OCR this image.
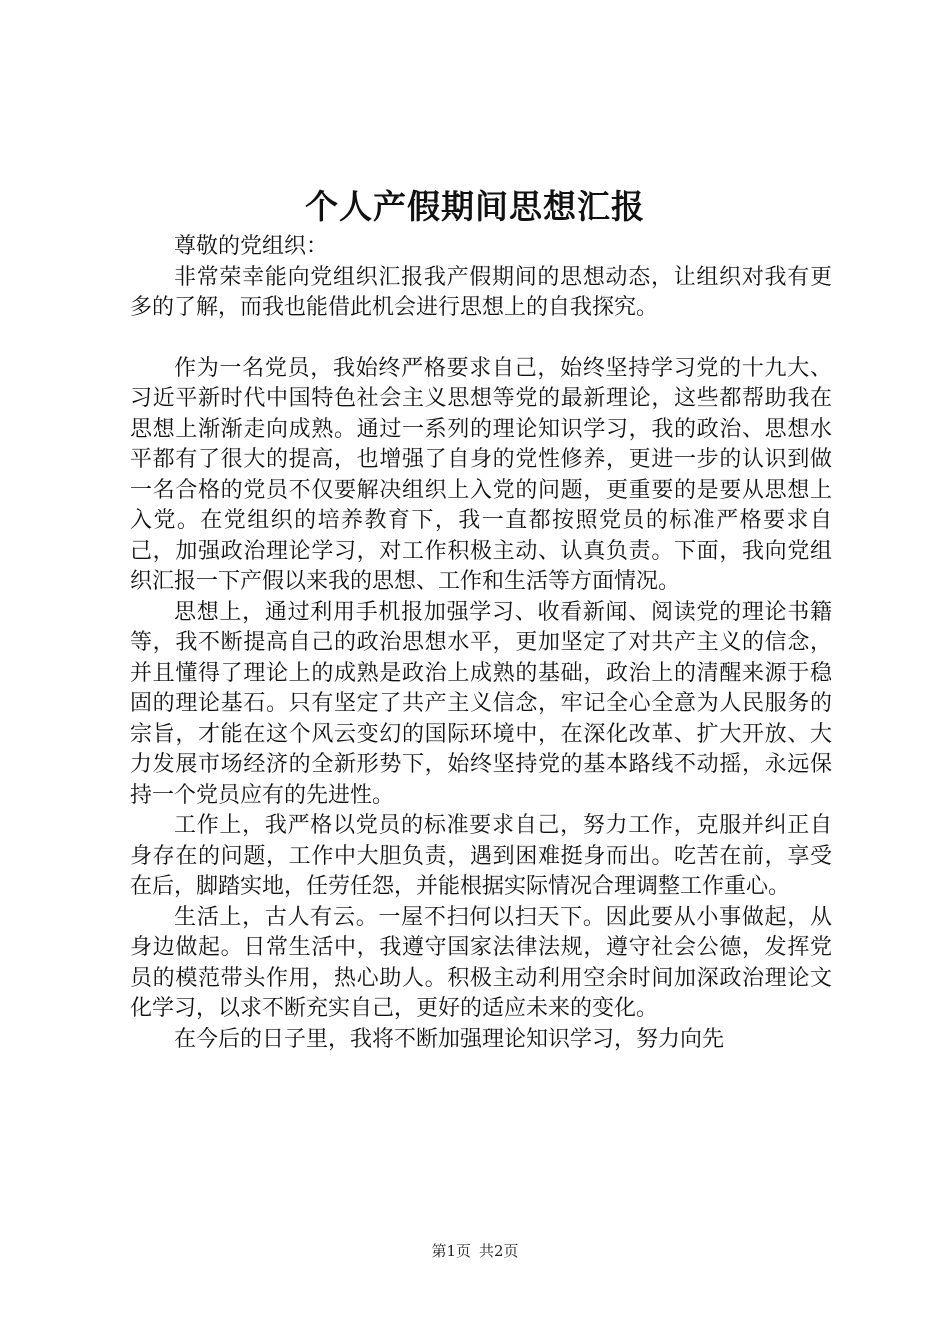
个人产假期间思想汇报

尊敬的党组织：

非常荣幸能向党组织汇报我产假期间的思想动态，让组织对我有更多的了解，而我也能借此机会进行思想上的自我探究。

作为一名党员，我始终严格要求自己，始终坚持学习党的十九大、习近平新时代中国特色社会主义思想等党的最新理论，这些都帮助我在思想上渐渐走向成熟。通过一系列的理论知识学习，我的政治、思想水平都有了很大的提高，也增强了自身的党性修养，更进一步的认识到做一名合格的党员不仅要解决组织上入党的问题，更重要的是要从思想上入党。在党组织的培养教育下，我一直都按照党员的标准严格要求自己，加强政治理论学习，对工作积极主动、认真负责。下面，我向党组织汇报一下产假以来我的思想、工作和生活等方面情况。

思想上，通过利用手机报加强学习、收看新闻、阅读党的理论书籍等，我不断提高自己的政治思想水平，更加坚定了对共产主义的信念，并且懂得了理论上的成熟是政治上成熟的基础，政治上的清醒来源于稳固的理论基石。只有坚定了共产主义信念，牢记全心全意为人民服务的宗旨，才能在这个风云变幻的国际环境中，在深化改革、扩大开放、大力发展市场经济的全新形势下，始终坚持党的基本路线不动摇，永远保持一个党员应有的先进性。

工作上，我严格以党员的标准要求自己，努力工作，克服并纠正自身存在的问题，工作中大胆负责，遇到困难挺身而出。吃苦在前，享受在后，脚踏实地，任劳任怨，并能根据实际情况合理调整工作重心。

生活上，古人有云。一屋不扫何以扫天下。因此要从小事做起，从身边做起。日常生活中，我遵守国家法律法规，遵守社会公德，发挥党员的模范带头作用，热心助人。积极主动利用空余时间加深政治理论文化学习，以求不断充实自己，更好的适应未来的变化。

在今后的日子里，我将不断加强理论知识学习，努力向先

第1页 共2页
